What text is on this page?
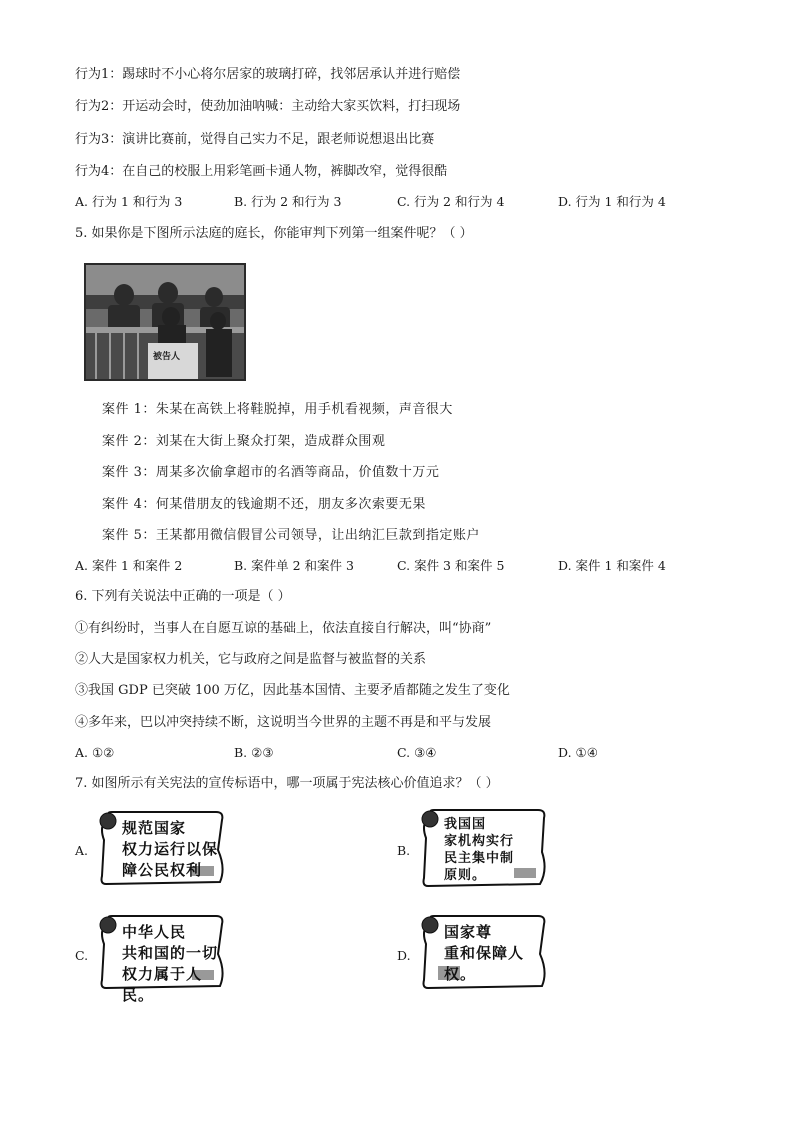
行为1：踢球时不小心将尔居家的玻璃打碎，找邻居承认并进行赔偿
行为2：开运动会时，使劲加油呐喊：主动给大家买饮料，打扫现场
行为3：演讲比赛前，觉得自己实力不足，跟老师说想退出比赛
行为4：在自己的校服上用彩笔画卡通人物，裤脚改窄，觉得很酷
A. 行为 1 和行为 3	B. 行为 2 和行为 3	C. 行为 2 和行为 4	D. 行为 1 和行为 4
5. 如果你是下图所示法庭的庭长，你能审判下列第一组案件呢？（ ）
被告人
案件 1：朱某在高铁上将鞋脱掉，用手机看视频，声音很大
案件 2：刘某在大街上聚众打架，造成群众围观
案件 3：周某多次偷拿超市的名酒等商品，价值数十万元
案件 4：何某借朋友的钱逾期不还，朋友多次索要无果
案件 5：王某都用微信假冒公司领导，让出纳汇巨款到指定账户
A. 案件 1 和案件 2	B. 案件单 2 和案件 3	C. 案件 3 和案件 5	D. 案件 1 和案件 4
6. 下列有关说法中正确的一项是（ ）
①有纠纷时，当事人在自愿互谅的基础上，依法直接自行解决，叫“协商”
②人大是国家权力机关，它与政府之间是监督与被监督的关系
③我国 GDP 已突破 100 万亿，因此基本国情、主要矛盾都随之发生了变化
④多年来，巴以冲突持续不断，这说明当今世界的主题不再是和平与发展
A. ①②	B. ②③	C. ③④	D. ①④
7. 如图所示有关宪法的宣传标语中，哪一项属于宪法核心价值追求？（ ）
A.
规范国家
权力运行以保
障公民权利
B.
我国国
家机构实行
民主集中制
原则。
C.
中华人民
共和国的一切
权力属于人民。
D.
国家尊
重和保障人
权。
